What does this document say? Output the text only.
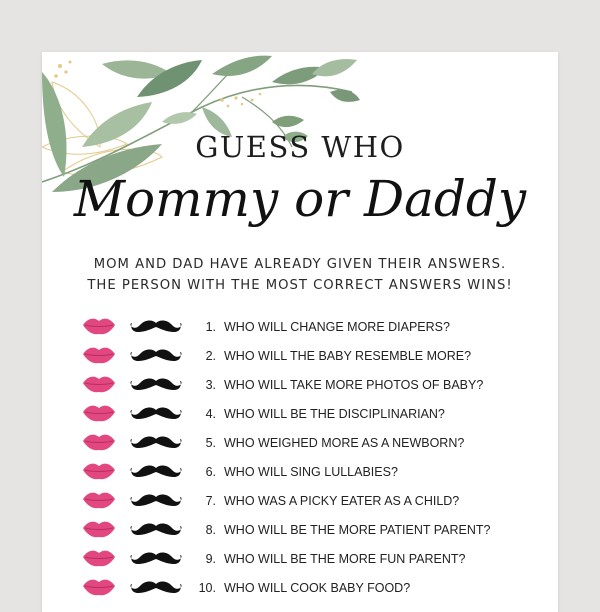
GUESS WHO
Mommy or Daddy
MOM AND DAD HAVE ALREADY GIVEN THEIR ANSWERS.
THE PERSON WITH THE MOST CORRECT ANSWERS WINS!
1. WHO WILL CHANGE MORE DIAPERS?
2. WHO WILL THE BABY RESEMBLE MORE?
3. WHO WILL TAKE MORE PHOTOS OF BABY?
4. WHO WILL BE THE DISCIPLINARIAN?
5. WHO WEIGHED MORE AS A NEWBORN?
6. WHO WILL SING LULLABIES?
7. WHO WAS A PICKY EATER AS A CHILD?
8. WHO WILL BE THE MORE PATIENT PARENT?
9. WHO WILL BE THE MORE FUN PARENT?
10. WHO WILL COOK BABY FOOD?
